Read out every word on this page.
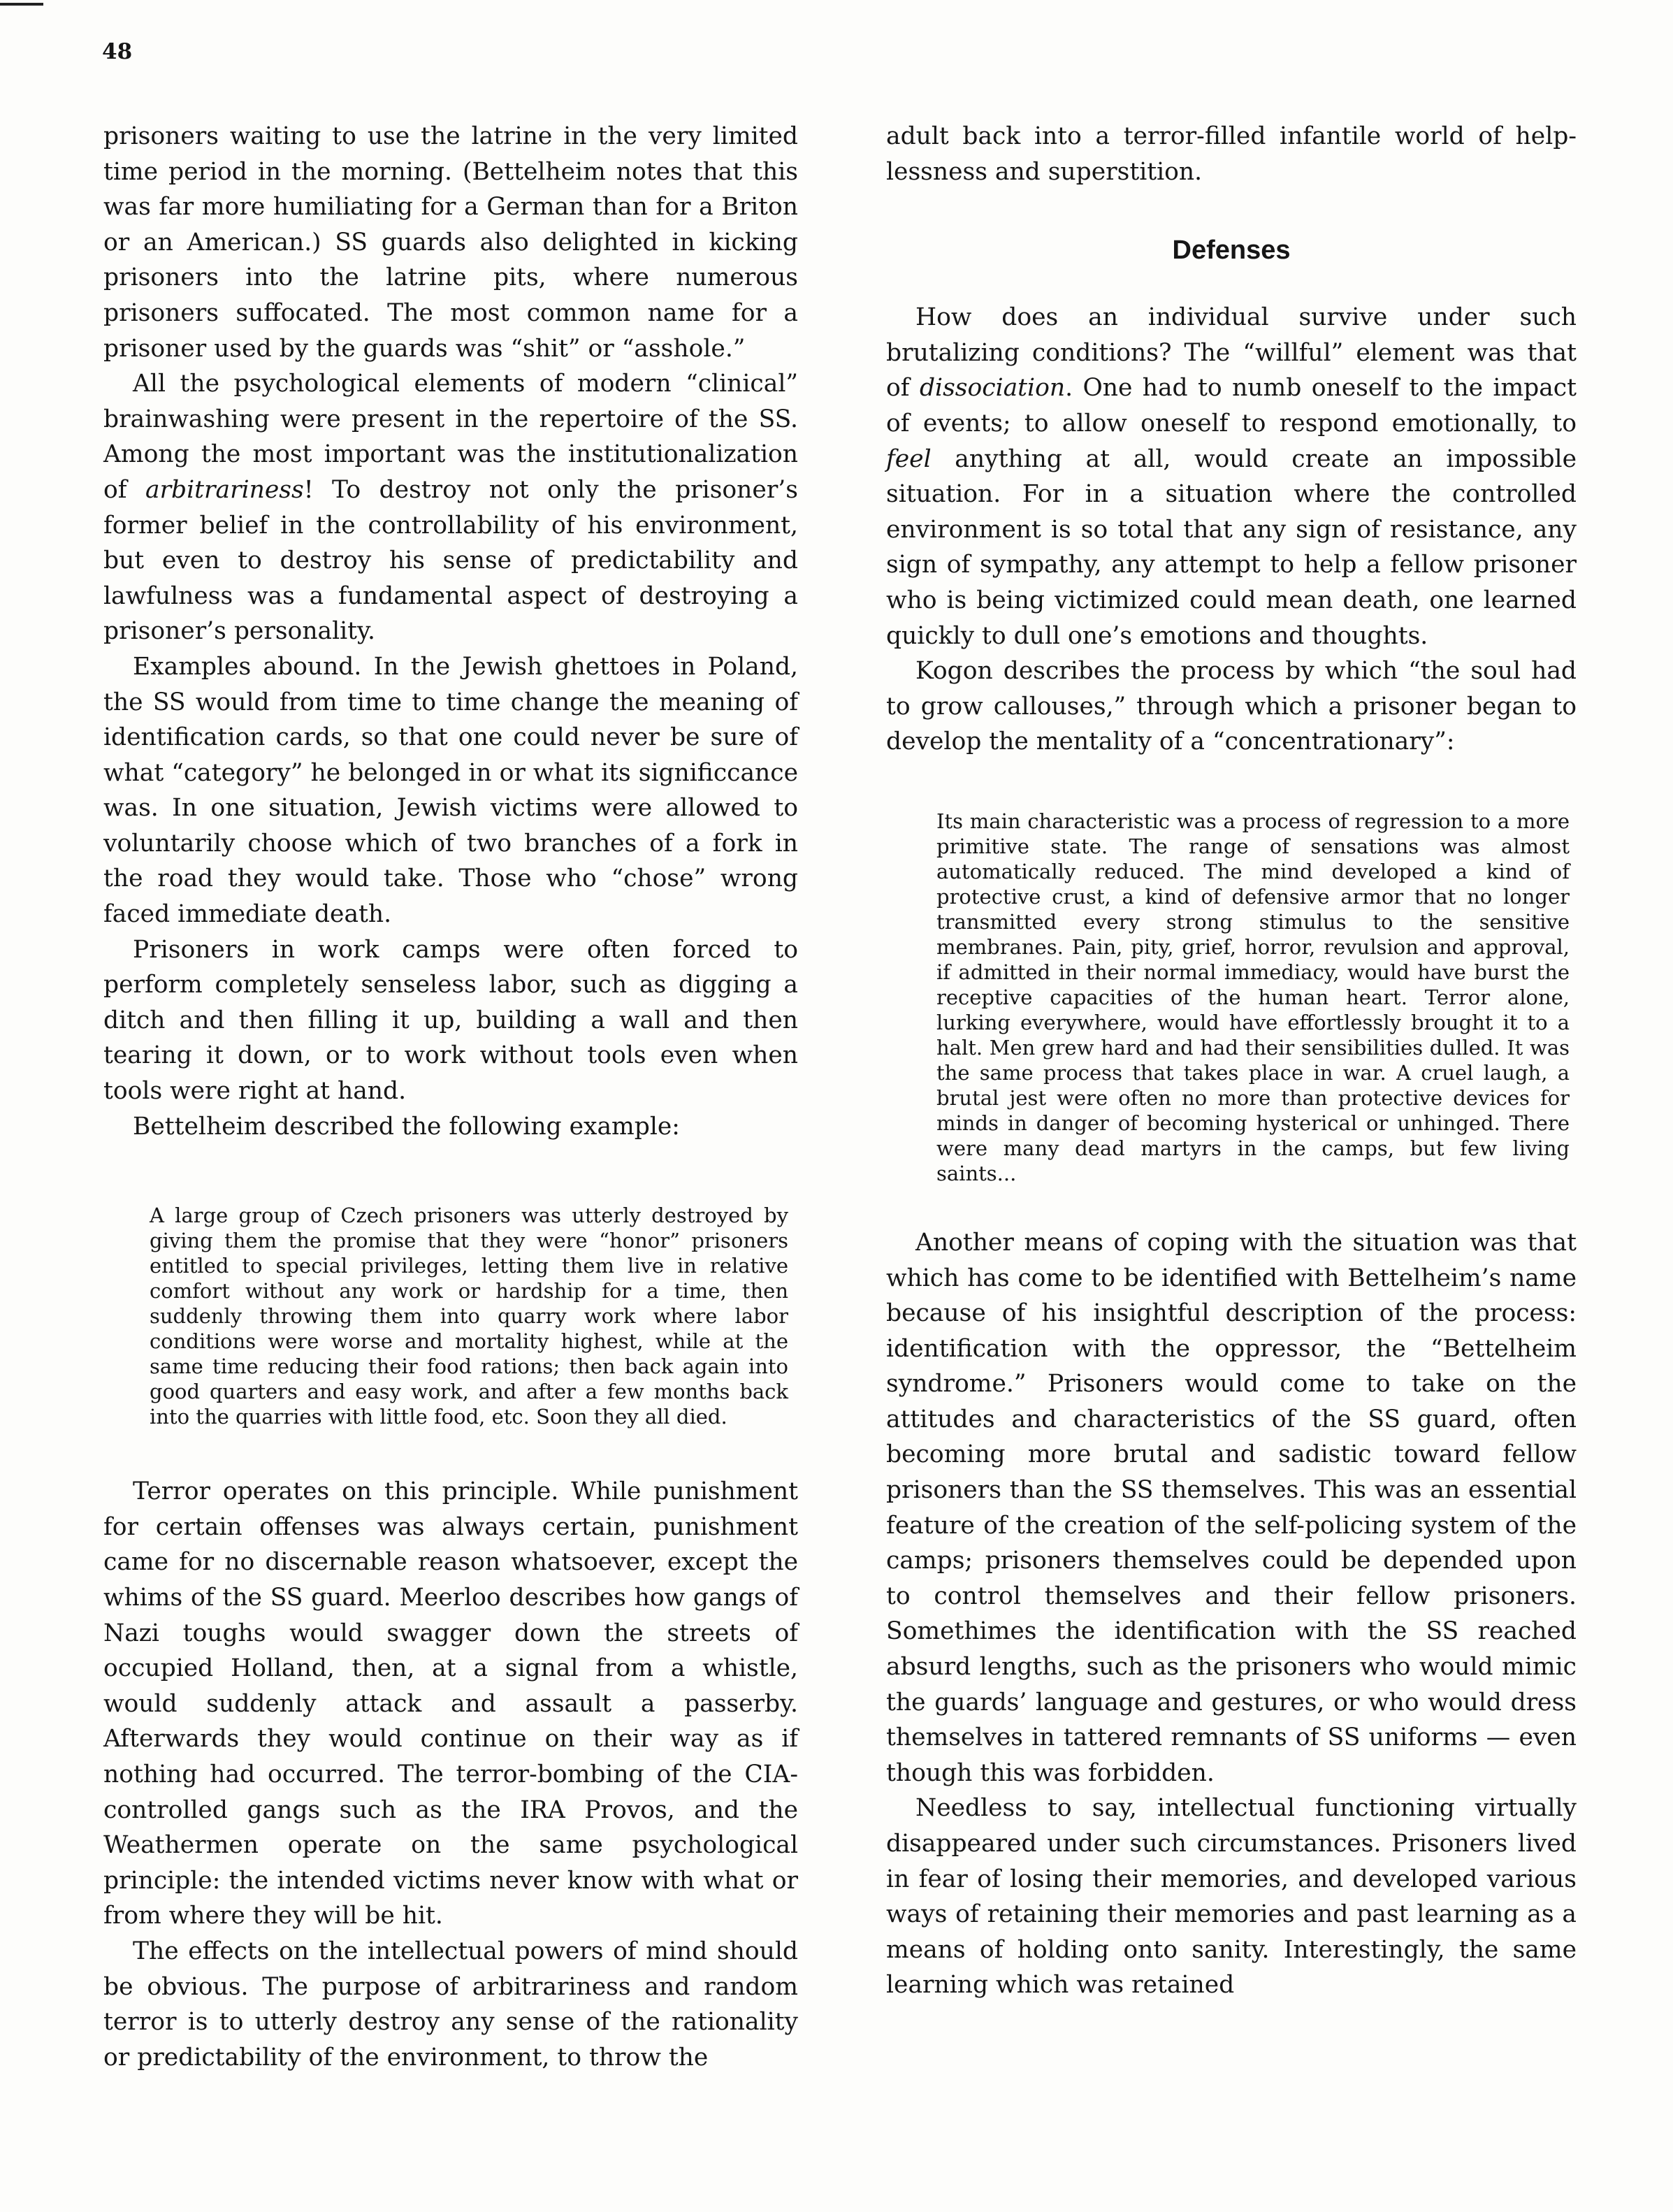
48

prisoners waiting to use the latrine in the very limited time period in the morning. (Bettelheim notes that this was far more humiliating for a German than for a Briton or an American.) SS guards also delighted in kicking prisoners into the latrine pits, where numerous prisoners suffocated. The most common name for a prisoner used by the guards was “shit” or “asshole.”

All the psychological elements of modern “clinical” brainwashing were present in the repertoire of the SS. Among the most important was the institutionalization of arbitrariness! To destroy not only the prisoner’s former belief in the controllability of his environment, but even to destroy his sense of predictability and lawfulness was a fundamental aspect of destroying a prisoner’s personality.

Examples abound. In the Jewish ghettoes in Poland, the SS would from time to time change the meaning of identification cards, so that one could never be sure of what “category” he belonged in or what its significcance was. In one situation, Jewish victims were allowed to voluntarily choose which of two branches of a fork in the road they would take. Those who “chose” wrong faced immediate death.

Prisoners in work camps were often forced to perform completely senseless labor, such as digging a ditch and then filling it up, building a wall and then tearing it down, or to work without tools even when tools were right at hand.

Bettelheim described the following example:

A large group of Czech prisoners was utterly destroyed by giving them the promise that they were “honor” prisoners entitled to special privileges, letting them live in relative comfort without any work or hardship for a time, then suddenly throwing them into quarry work where labor conditions were worse and mortality highest, while at the same time reducing their food rations; then back again into good quarters and easy work, and after a few months back into the quarries with little food, etc. Soon they all died.

Terror operates on this principle. While punishment for certain offenses was always certain, punishment came for no discernable reason whatsoever, except the whims of the SS guard. Meerloo describes how gangs of Nazi toughs would swagger down the streets of occupied Holland, then, at a signal from a whistle, would suddenly attack and assault a passerby. Afterwards they would continue on their way as if nothing had occurred. The terror-bombing of the CIA-controlled gangs such as the IRA Provos, and the Weathermen operate on the same psychological principle: the intended victims never know with what or from where they will be hit.

The effects on the intellectual powers of mind should be obvious. The purpose of arbitrariness and random terror is to utterly destroy any sense of the rationality or predictability of the environment, to throw the

adult back into a terror-filled infantile world of helplessness and superstition.

Defenses

How does an individual survive under such brutalizing conditions? The “willful” element was that of dissociation. One had to numb oneself to the impact of events; to allow oneself to respond emotionally, to feel anything at all, would create an impossible situation. For in a situation where the controlled environment is so total that any sign of resistance, any sign of sympathy, any attempt to help a fellow prisoner who is being victimized could mean death, one learned quickly to dull one’s emotions and thoughts.

Kogon describes the process by which “the soul had to grow callouses,” through which a prisoner began to develop the mentality of a “concentrationary”:

Its main characteristic was a process of regression to a more primitive state. The range of sensations was almost automatically reduced. The mind developed a kind of protective crust, a kind of defensive armor that no longer transmitted every strong stimulus to the sensitive membranes. Pain, pity, grief, horror, revulsion and approval, if admitted in their normal immediacy, would have burst the receptive capacities of the human heart. Terror alone, lurking everywhere, would have effortlessly brought it to a halt. Men grew hard and had their sensibilities dulled. It was the same process that takes place in war. A cruel laugh, a brutal jest were often no more than protective devices for minds in danger of becoming hysterical or unhinged. There were many dead martyrs in the camps, but few living saints...

Another means of coping with the situation was that which has come to be identified with Bettelheim’s name because of his insightful description of the process: identification with the oppressor, the “Bettelheim syndrome.” Prisoners would come to take on the attitudes and characteristics of the SS guard, often becoming more brutal and sadistic toward fellow prisoners than the SS themselves. This was an essential feature of the creation of the self-policing system of the camps; prisoners themselves could be depended upon to control themselves and their fellow prisoners. Somethimes the identification with the SS reached absurd lengths, such as the prisoners who would mimic the guards’ language and gestures, or who would dress themselves in tattered remnants of SS uniforms — even though this was forbidden.

Needless to say, intellectual functioning virtually disappeared under such circumstances. Prisoners lived in fear of losing their memories, and developed various ways of retaining their memories and past learning as a means of holding onto sanity. Interestingly, the same learning which was retained
